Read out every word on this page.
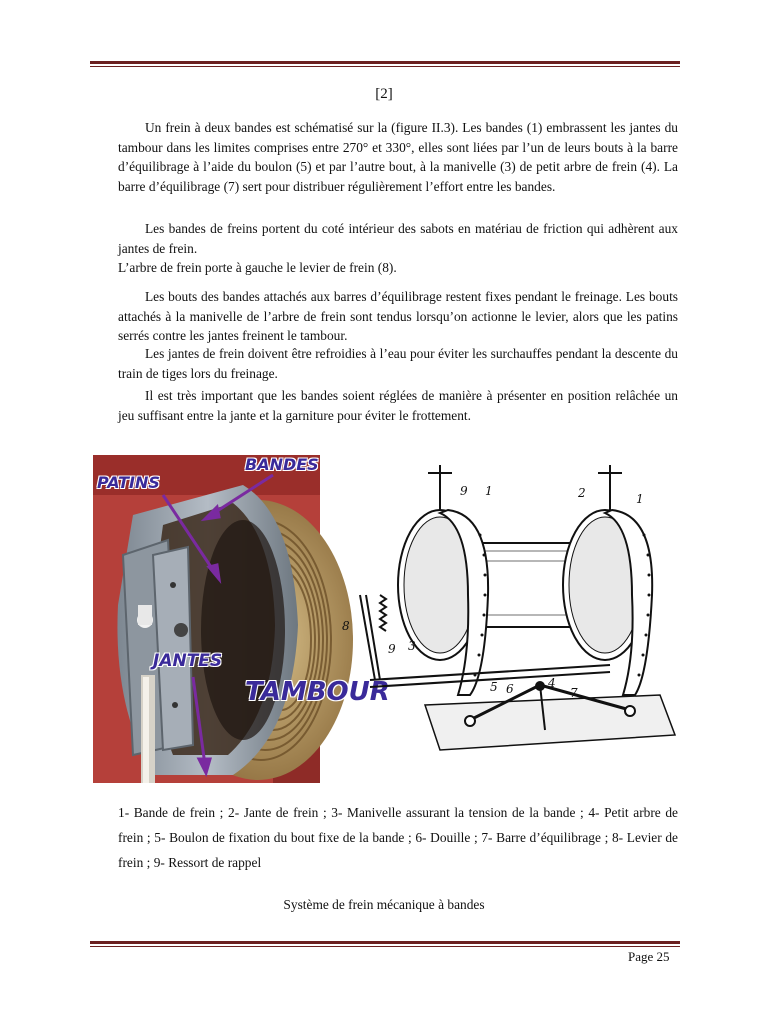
[2]

Un frein à deux bandes est schématisé sur la (figure II.3). Les bandes (1) embrassent les jantes du tambour dans les limites comprises entre 270° et 330°, elles sont liées par l’un de leurs bouts à la barre d’équilibrage à l’aide du boulon (5) et par l’autre bout, à la manivelle (3) de petit arbre de frein (4). La barre d’équilibrage (7) sert pour distribuer régulièrement l’effort entre les bandes.

Les bandes de freins portent du coté intérieur des sabots en matériau de friction qui adhèrent aux jantes de frein.

L’arbre de frein porte à gauche le levier de frein (8).

Les bouts des bandes attachés aux barres d’équilibrage restent fixes pendant le freinage. Les bouts attachés à la manivelle de l’arbre de frein sont tendus lorsqu’on actionne le levier, alors que les patins serrés contre les jantes freinent le tambour.

Les jantes de frein doivent être refroidies à l’eau pour éviter les surchauffes pendant la descente du train de tiges lors du freinage.

Il est très important que les bandes soient réglées de manière à présenter en position relâchée un jeu suffisant entre la jante et la garniture pour éviter le frottement.

BANDES
PATINS
JANTES
TAMBOUR
1
1
2
3
4
5 6	7
8
9
9
1- Bande de frein ; 2- Jante de frein ; 3- Manivelle assurant la tension de la bande ; 4- Petit arbre de frein ; 5- Boulon de fixation du bout fixe de la bande ; 6- Douille ; 7- Barre d’équilibrage ; 8- Levier de frein ; 9- Ressort de rappel
Système de frein mécanique à bandes
Page 25
